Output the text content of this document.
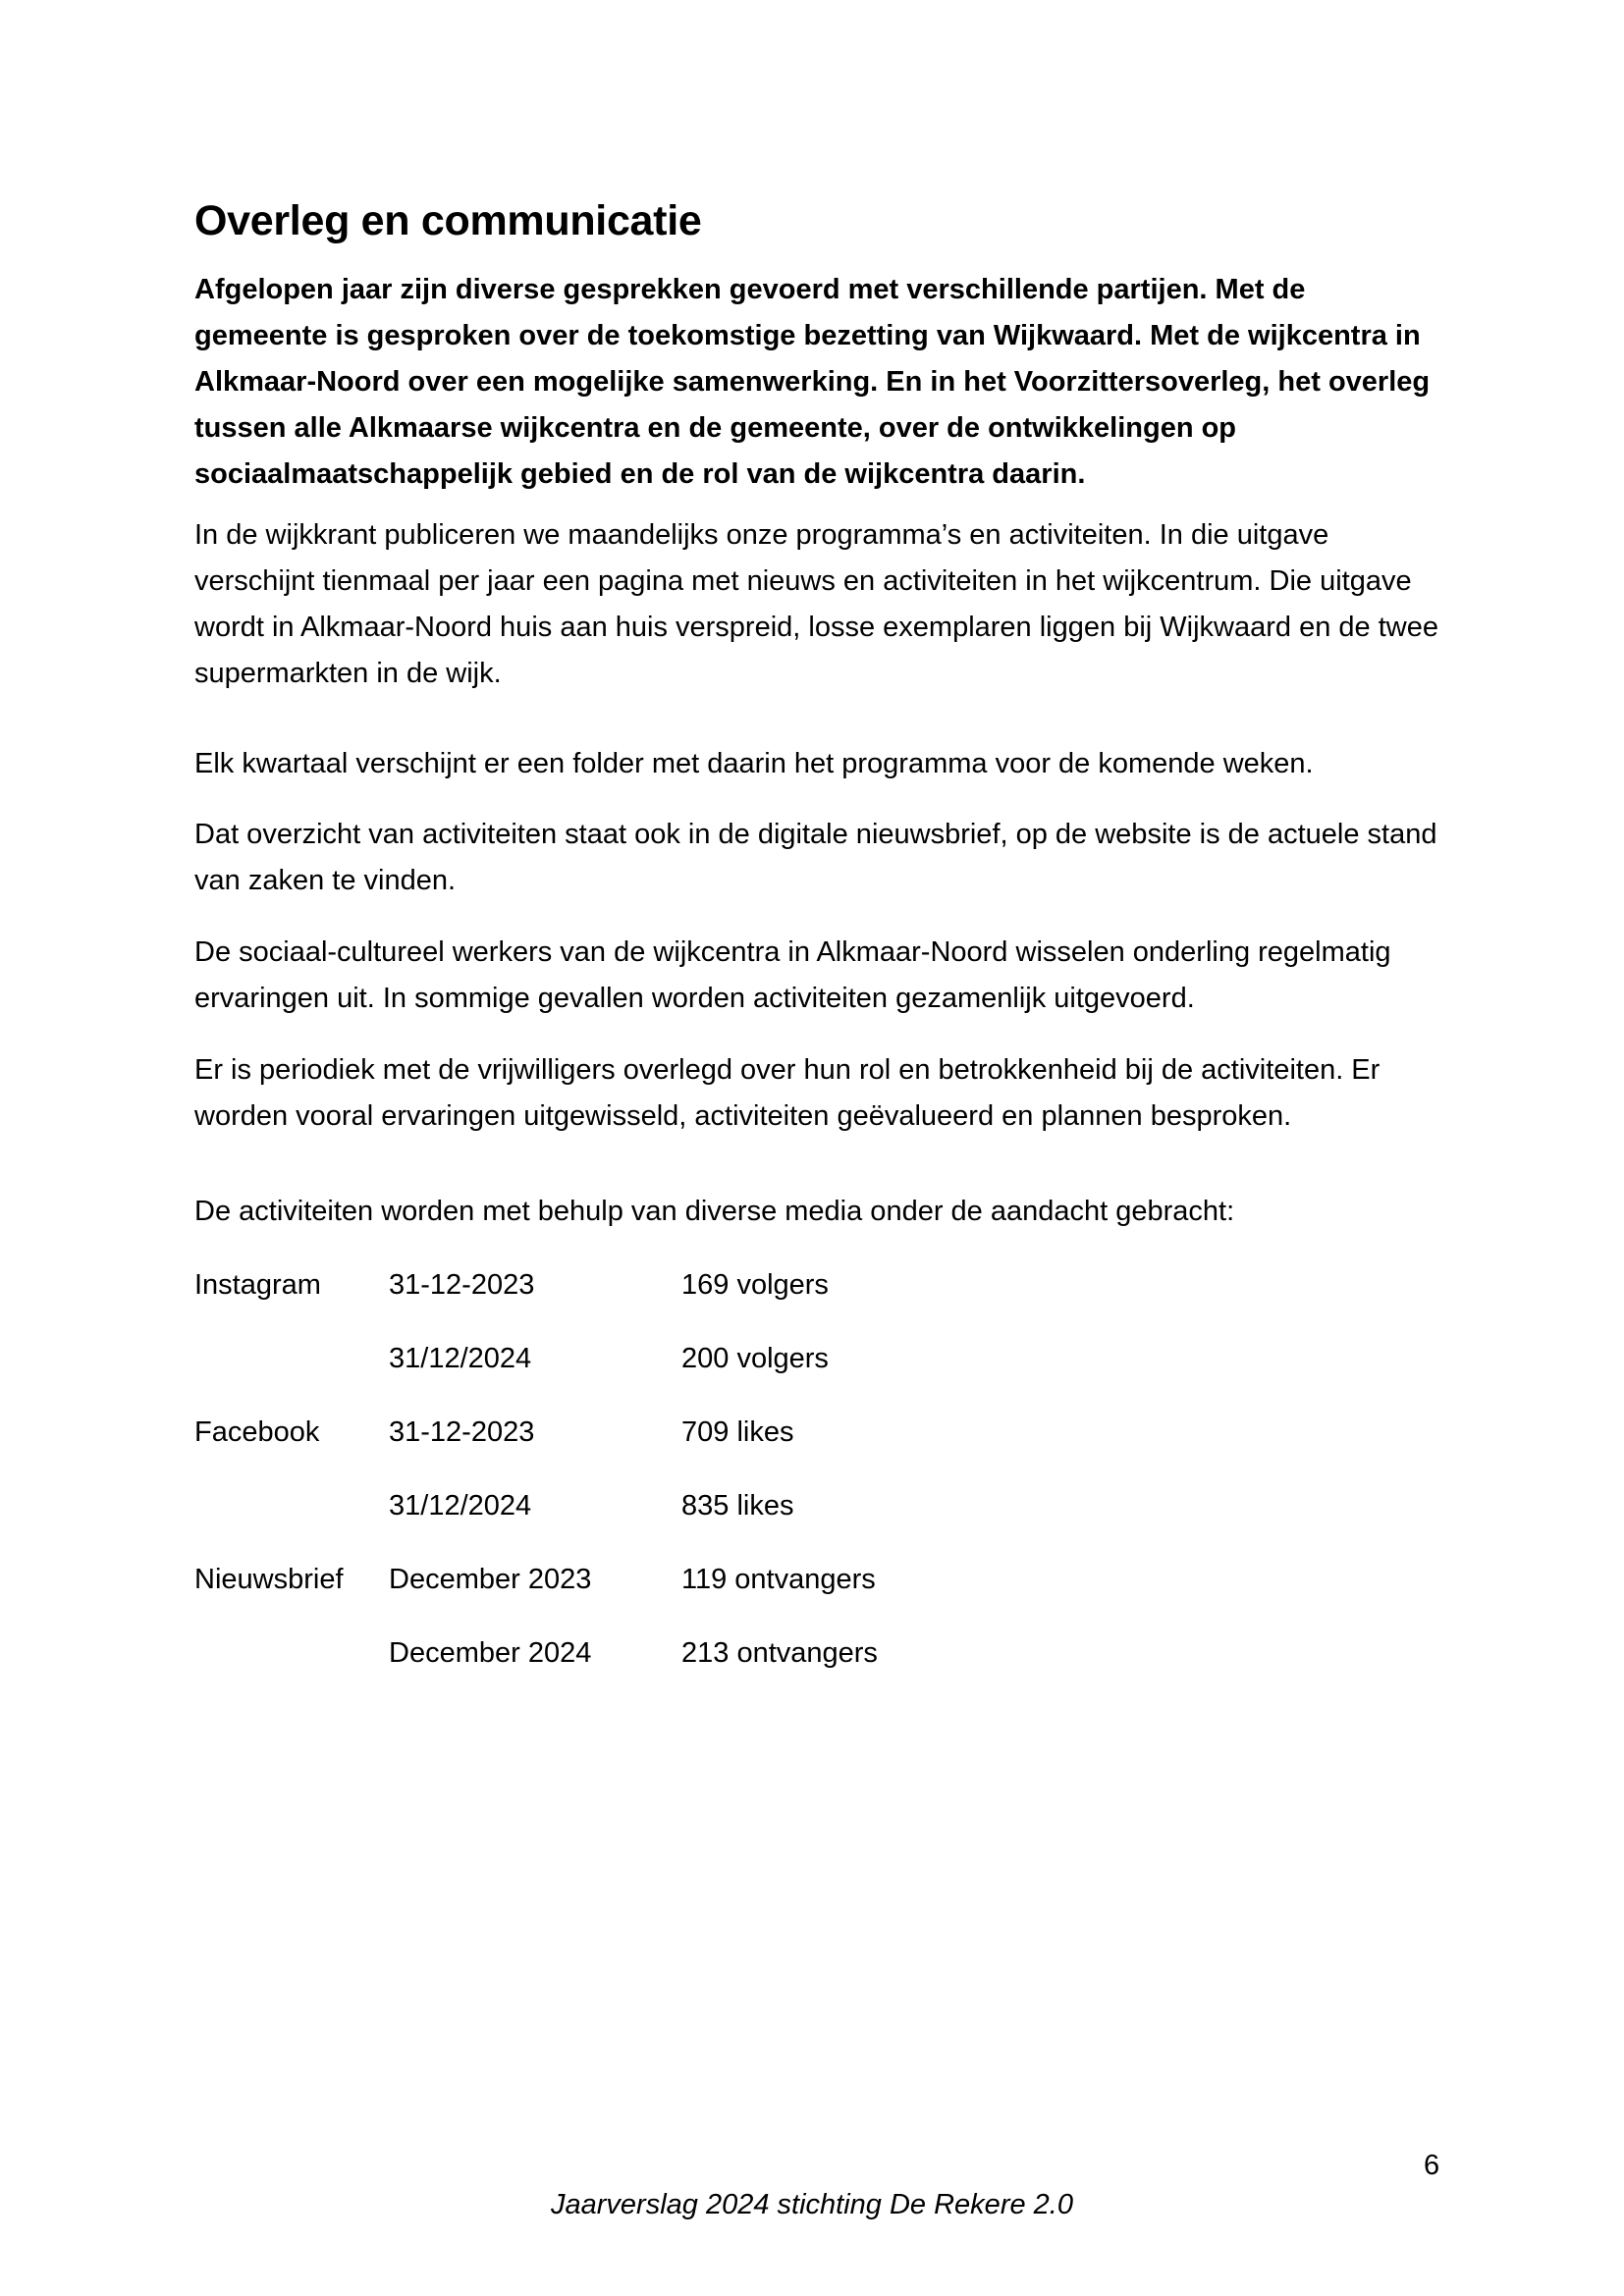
Overleg en communicatie

Afgelopen jaar zijn diverse gesprekken gevoerd met verschillende partijen. Met de gemeente is gesproken over de toekomstige bezetting van Wijkwaard. Met de wijkcentra in Alkmaar-Noord over een mogelijke samenwerking. En in het Voorzittersoverleg, het overleg tussen alle Alkmaarse wijkcentra en de gemeente, over de ontwikkelingen op sociaalmaatschappelijk gebied en de rol van de wijkcentra daarin.

In de wijkkrant publiceren we maandelijks onze programma’s en activiteiten. In die uitgave verschijnt tienmaal per jaar een pagina met nieuws en activiteiten in het wijkcentrum. Die uitgave wordt in Alkmaar-Noord huis aan huis verspreid, losse exemplaren liggen bij Wijkwaard en de twee supermarkten in de wijk.

Elk kwartaal verschijnt er een folder met daarin het programma voor de komende weken.

Dat overzicht van activiteiten staat ook in de digitale nieuwsbrief, op de website is de actuele stand van zaken te vinden.

De sociaal-cultureel werkers van de wijkcentra in Alkmaar-Noord wisselen onderling regelmatig ervaringen uit. In sommige gevallen worden activiteiten gezamenlijk uitgevoerd.

Er is periodiek met de vrijwilligers overlegd over hun rol en betrokkenheid bij de activiteiten. Er worden vooral ervaringen uitgewisseld, activiteiten geëvalueerd en plannen besproken.

De activiteiten worden met behulp van diverse media onder de aandacht gebracht:

Instagram	31-12-2023	169 volgers
	31/12/2024	200 volgers
Facebook	31-12-2023	709 likes
	31/12/2024	835 likes
Nieuwsbrief	December 2023	119 ontvangers
	December 2024	213 ontvangers
6
Jaarverslag 2024 stichting De Rekere 2.0
